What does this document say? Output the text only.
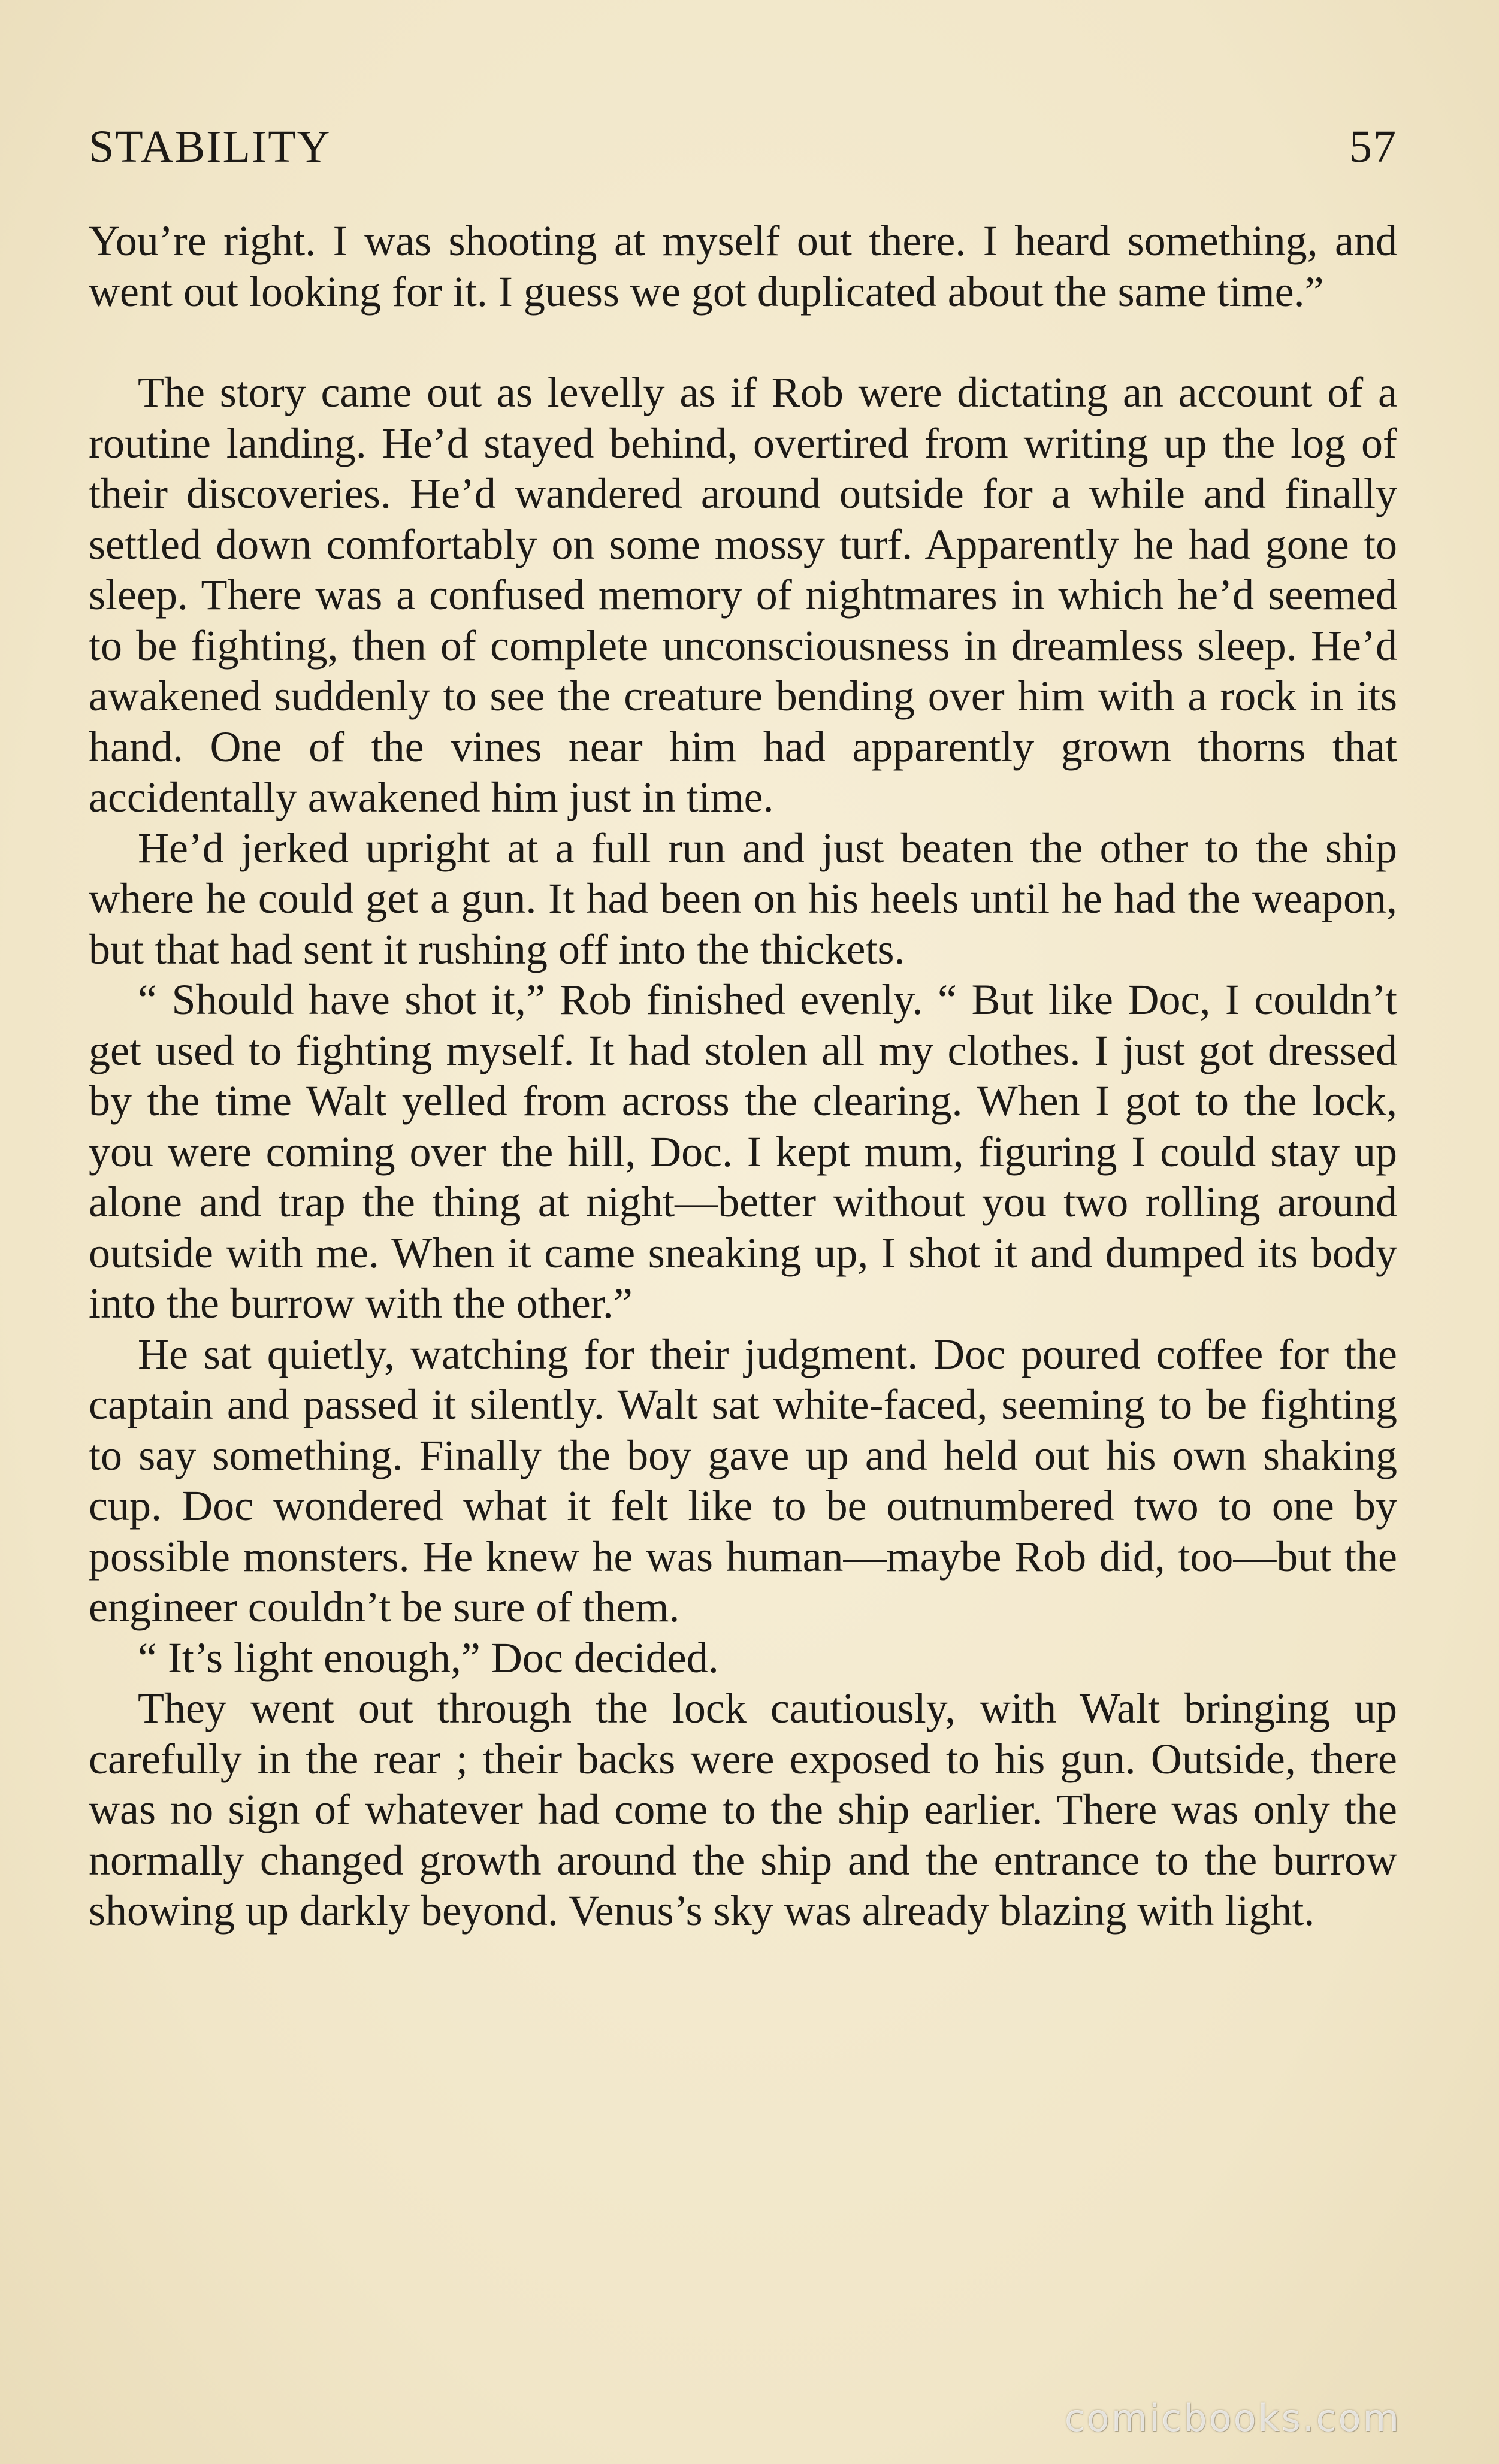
STABILITY	57

You’re right. I was shooting at myself out there. I heard something, and went out looking for it. I guess we got duplicated about the same time.”

The story came out as levelly as if Rob were dictating an account of a routine landing. He’d stayed behind, overtired from writing up the log of their discoveries. He’d wandered around outside for a while and finally settled down comfortably on some mossy turf. Apparently he had gone to sleep. There was a confused memory of nightmares in which he’d seemed to be fighting, then of complete unconsciousness in dreamless sleep. He’d awakened suddenly to see the creature bending over him with a rock in its hand. One of the vines near him had apparently grown thorns that accidentally awakened him just in time.

He’d jerked upright at a full run and just beaten the other to the ship where he could get a gun. It had been on his heels until he had the weapon, but that had sent it rushing off into the thickets.

“ Should have shot it,” Rob finished evenly. “ But like Doc, I couldn’t get used to fighting myself. It had stolen all my clothes. I just got dressed by the time Walt yelled from across the clearing. When I got to the lock, you were coming over the hill, Doc. I kept mum, figuring I could stay up alone and trap the thing at night—better without you two rolling around outside with me. When it came sneaking up, I shot it and dumped its body into the burrow with the other.”

He sat quietly, watching for their judgment. Doc poured coffee for the captain and passed it silently. Walt sat white-faced, seeming to be fighting to say something. Finally the boy gave up and held out his own shaking cup. Doc wondered what it felt like to be outnumbered two to one by possible monsters. He knew he was human—maybe Rob did, too—but the engineer couldn’t be sure of them.

“ It’s light enough,” Doc decided.

They went out through the lock cautiously, with Walt bringing up carefully in the rear ; their backs were exposed to his gun. Outside, there was no sign of whatever had come to the ship earlier. There was only the normally changed growth around the ship and the entrance to the burrow showing up darkly beyond. Venus’s sky was already blazing with light.

comicbooks.com
